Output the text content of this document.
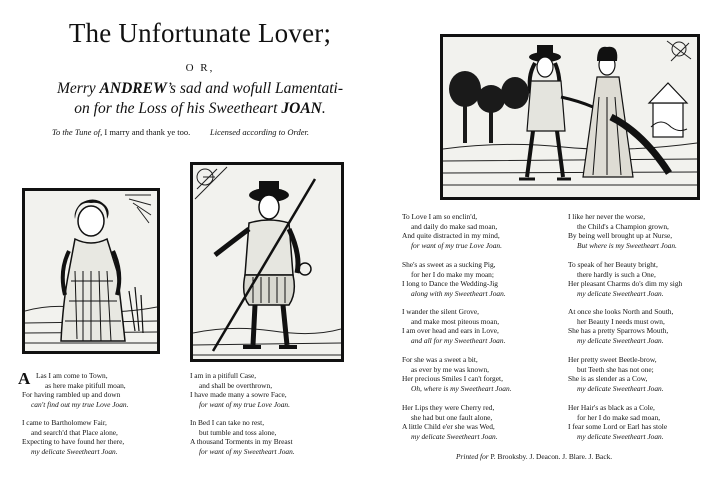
The Unfortunate Lover;
O R,
Merry ANDREW’s sad and wofull Lamentati-
on for the Loss of his Sweetheart JOAN.
To the Tune of, I marry and thank ye too. Licensed according to Order.
A Las I am come to Town,
as here make pitifull moan,
For having rambled up and down
can't find out my true Love Joan.
I came to Bartholomew Fair,
and search'd that Place alone,
Expecting to have found her there,
my delicate Sweetheart Joan.
I am in a pitifull Case,
and shall be overthrown,
I have made many a sowre Face,
for want of my true Love Joan.
In Bed I can take no rest,
but tumble and toss alone,
A thousand Torments in my Breast
for want of my Sweetheart Joan.
To Love I am so enclin'd,
and daily do make sad moan,
And quite distracted in my mind,
for want of my true Love Joan.
She's as sweet as a sucking Pig,
for her I do make my moan;
I long to Dance the Wedding-Jig
along with my Sweetheart Joan.
I wander the silent Grove,
and make most piteous moan,
I am over head and ears in Love,
and all for my Sweetheart Joan.
For she was a sweet a bit,
as ever by me was known,
Her precious Smiles I can't forget,
Oh, where is my Sweetheart Joan.
Her Lips they were Cherry red,
she had but one fault alone,
A little Child e'er she was Wed,
my delicate Sweetheart Joan.
I like her never the worse,
the Child's a Champion grown,
By being well brought up at Nurse,
But where is my Sweetheart Joan.
To speak of her Beauty bright,
there hardly is such a One,
Her pleasant Charms do's dim my sigh
my delicate Sweetheart Joan.
At once she looks North and South,
her Beauty I needs must own,
She has a pretty Sparrows Mouth,
my delicate Sweetheart Joan.
Her pretty sweet Beetle-brow,
but Teeth she has not one;
She is as slender as a Cow,
my delicate Sweetheart Joan.
Her Hair's as black as a Cole,
for her I do make sad moan,
I fear some Lord or Earl has stole
my delicate Sweetheart Joan.
Printed for P. Brooksby. J. Deacon. J. Blare. J. Back.
